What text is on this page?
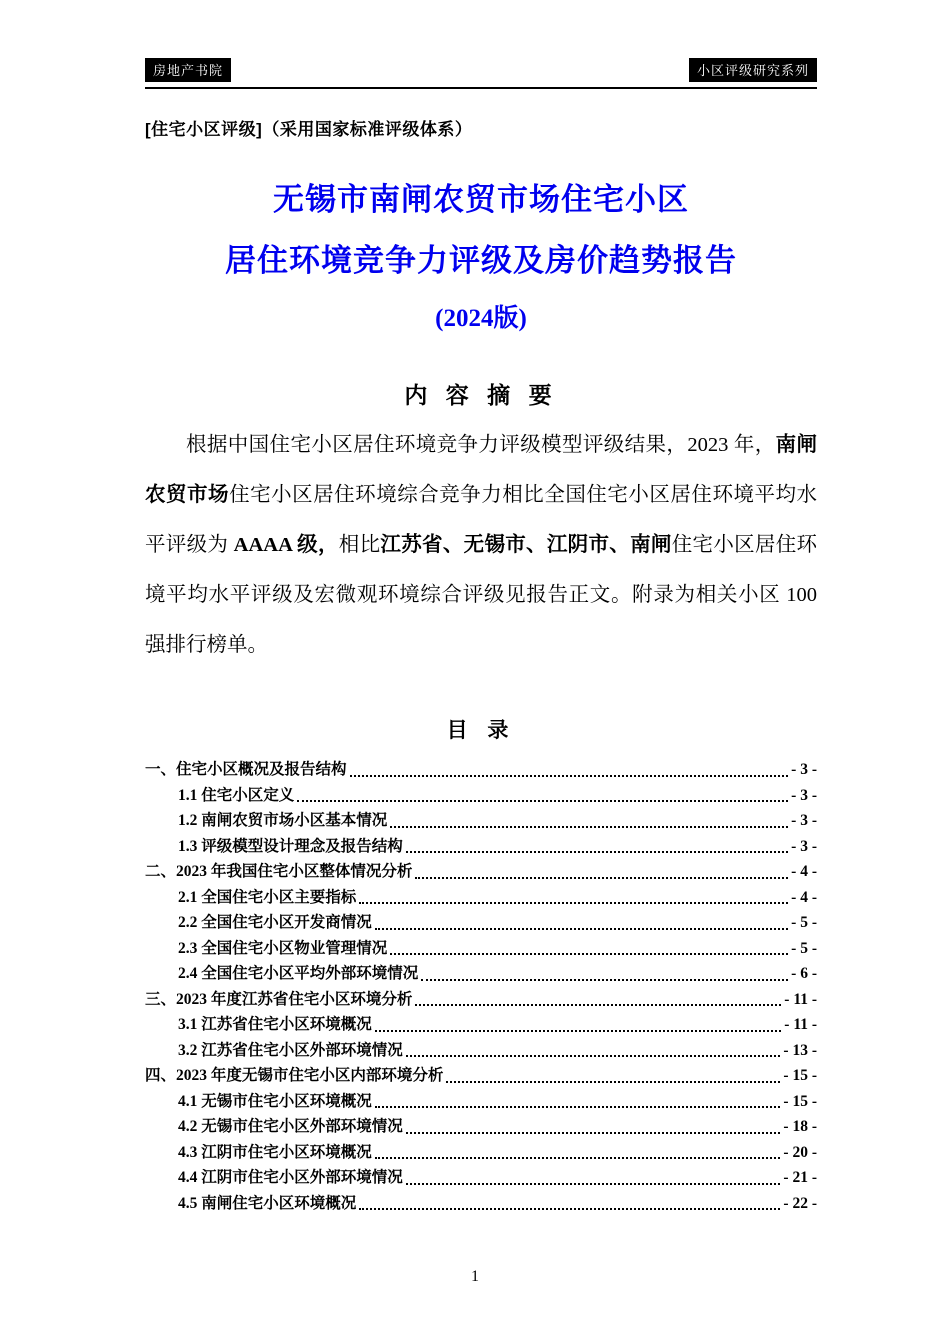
房地产书院	小区评级研究系列
[住宅小区评级]（采用国家标准评级体系）
无锡市南闸农贸市场住宅小区
居住环境竞争力评级及房价趋势报告
(2024版)
内 容 摘 要

根据中国住宅小区居住环境竞争力评级模型评级结果，2023 年，南闸农贸市场住宅小区居住环境综合竞争力相比全国住宅小区居住环境平均水平评级为 AAAA 级，相比江苏省、无锡市、江阴市、南闸住宅小区居住环境平均水平评级及宏微观环境综合评级见报告正文。附录为相关小区 100 强排行榜单。

目 录
一、住宅小区概况及报告结构	- 3 -
1.1 住宅小区定义	- 3 -
1.2 南闸农贸市场小区基本情况	- 3 -
1.3 评级模型设计理念及报告结构	- 3 -
二、2023 年我国住宅小区整体情况分析	- 4 -
2.1 全国住宅小区主要指标	- 4 -
2.2 全国住宅小区开发商情况	- 5 -
2.3 全国住宅小区物业管理情况	- 5 -
2.4 全国住宅小区平均外部环境情况	- 6 -
三、2023 年度江苏省住宅小区环境分析	- 11 -
3.1 江苏省住宅小区环境概况	- 11 -
3.2 江苏省住宅小区外部环境情况	- 13 -
四、2023 年度无锡市住宅小区内部环境分析	- 15 -
4.1 无锡市住宅小区环境概况	- 15 -
4.2 无锡市住宅小区外部环境情况	- 18 -
4.3 江阴市住宅小区环境概况	- 20 -
4.4 江阴市住宅小区外部环境情况	- 21 -
4.5 南闸住宅小区环境概况	- 22 -
1
